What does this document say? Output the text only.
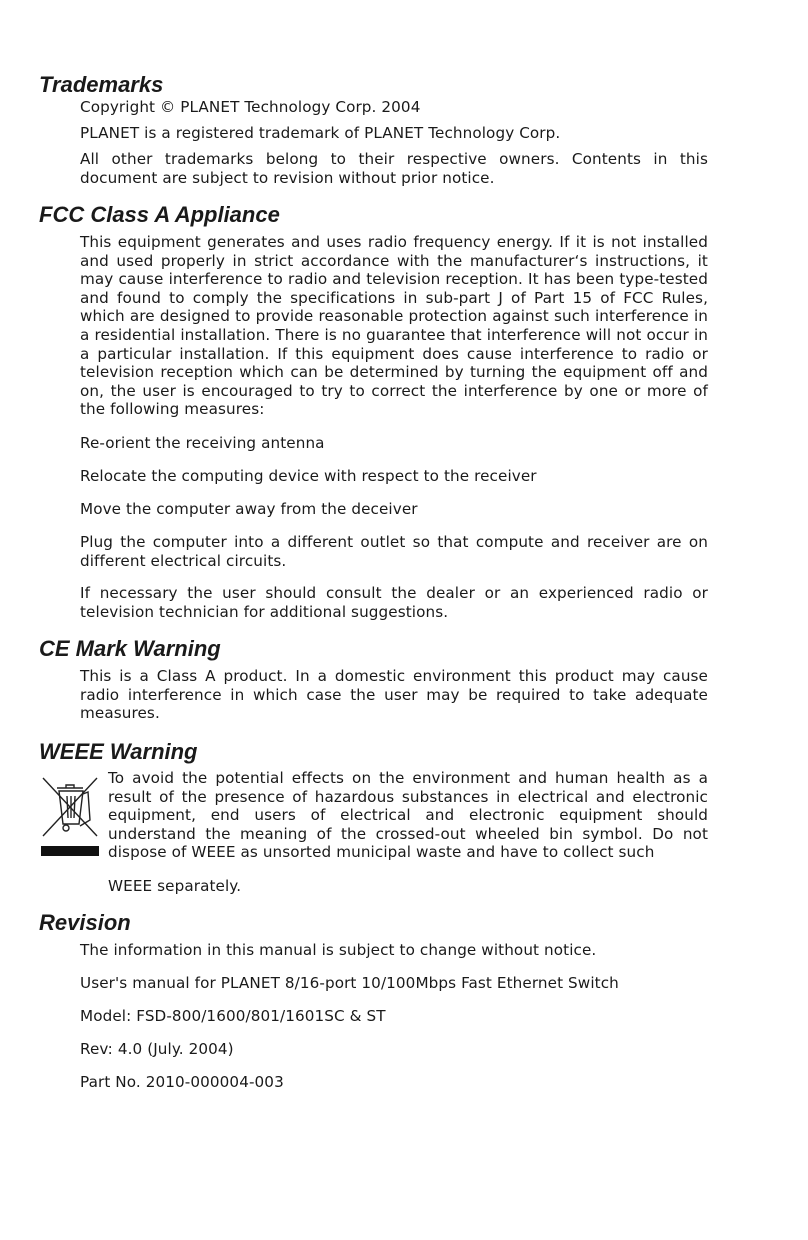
Trademarks

Copyright © PLANET Technology Corp. 2004

PLANET is a registered trademark of PLANET Technology Corp.

All other trademarks belong to their respective owners. Contents in this document are subject to revision without prior notice.

FCC Class A Appliance

This equipment generates and uses radio frequency energy. If it is not installed and used properly in strict accordance with the manufacturer‘s instructions, it may cause interference to radio and television reception. It has been type-tested and found to comply the specifications in sub-part J of Part 15 of FCC Rules, which are designed to provide reasonable protection against such interference in a residential installation. There is no guarantee that interference will not occur in a particular installation. If this equipment does cause interference to radio or television reception which can be determined by turning the equipment off and on, the user is encouraged to try to correct the interference by one or more of the following measures:

Re-orient the receiving antenna

Relocate the computing device with respect to the receiver

Move the computer away from the deceiver

Plug the computer into a different outlet so that compute and receiver are on different electrical circuits.

If necessary the user should consult the dealer or an experienced radio or television technician for additional suggestions.

CE Mark Warning

This is a Class A product. In a domestic environment this product may cause radio interference in which case the user may be required to take adequate measures.

WEEE Warning

To avoid the potential effects on the environment and human health as a result of the presence of hazardous substances in electrical and electronic equipment, end users of electrical and electronic equipment should understand the meaning of the crossed-out wheeled bin symbol. Do not dispose of WEEE as unsorted municipal waste and have to collect such

WEEE separately.

Revision

The information in this manual is subject to change without notice.

User's manual for PLANET 8/16-port 10/100Mbps Fast Ethernet Switch

Model: FSD-800/1600/801/1601SC & ST

Rev: 4.0 (July. 2004)

Part No. 2010-000004-003
